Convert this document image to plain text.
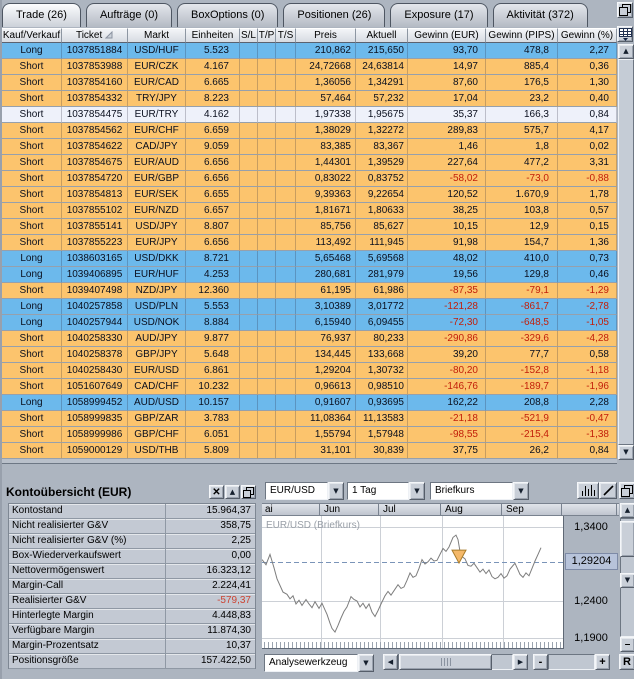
Trade (26)	Aufträge (0)	BoxOptions (0)	Positionen (26)	Exposure (17)	Aktivität (372)
Kauf/Verkauf	Ticket	Markt	Einheiten S/L T/P T/S	Preis	Aktuell	Gewinn (EUR) Gewinn (PIPS) Gewinn (%)
Long	1037851884	USD/HUF	5.523	210,862	215,650	93,70	478,8	2,27
Short	1037853988	EUR/CZK	4.167	24,72668	24,63814	14,97	885,4	0,36
Short	1037854160	EUR/CAD	6.665	1,36056	1,34291	87,60	176,5	1,30
Short	1037854332	TRY/JPY	8.223	57,464	57,232	17,04	23,2	0,40
Short	1037854475	EUR/TRY	4.162	1,97338	1,95675	35,37	166,3	0,84
Short	1037854562	EUR/CHF	6.659	1,38029	1,32272	289,83	575,7	4,17
Short	1037854622	CAD/JPY	9.059	83,385	83,367	1,46	1,8	0,02
Short	1037854675	EUR/AUD	6.656	1,44301	1,39529	227,64	477,2	3,31
Short	1037854720	EUR/GBP	6.656	0,83022	0,83752	-58,02	-73,0	-0,88
Short	1037854813	EUR/SEK	6.655	9,39363	9,22654	120,52	1.670,9	1,78
Short	1037855102	EUR/NZD	6.657	1,81671	1,80633	38,25	103,8	0,57
Short	1037855141	USD/JPY	8.807	85,756	85,627	10,15	12,9	0,15
Short	1037855223	EUR/JPY	6.656	113,492	111,945	91,98	154,7	1,36
Long	1038603165	USD/DKK	8.721	5,65468	5,69568	48,02	410,0	0,73
Long	1039406895	EUR/HUF	4.253	280,681	281,979	19,56	129,8	0,46
Short	1039407498	NZD/JPY	12.360	61,195	61,986	-87,35	-79,1	-1,29
Long	1040257858	USD/PLN	5.553	3,10389	3,01772	-121,28	-861,7	-2,78
Long	1040257944	USD/NOK	8.884	6,15940	6,09455	-72,30	-648,5	-1,05
Short	1040258330	AUD/JPY	9.877	76,937	80,233	-290,86	-329,6	-4,28
Short	1040258378	GBP/JPY	5.648	134,445	133,668	39,20	77,7	0,58
Short	1040258430	EUR/USD	6.861	1,29204	1,30732	-80,20	-152,8	-1,18
Short	1051607649	CAD/CHF	10.232	0,96613	0,98510	-146,76	-189,7	-1,96
Long	1058999452	AUD/USD	10.157	0,91607	0,93695	162,22	208,8	2,28
Short	1058999835	GBP/ZAR	3.783	11,08364	11,13583	-21,18	-521,9	-0,47
Short	1058999986	GBP/CHF	6.051	1,55794	1,57948	-98,55	-215,4	-1,38
Short	1059000129	USD/THB	5.809	31,101	30,839	37,75	26,2	0,84
▲
▼
Kontoübersicht (EUR)	✕ ▲
Kontostand	15.964,37
Nicht realisierter G&V	358,75
Nicht realisierter G&V (%)	2,25
Box-Wiederverkaufswert	0,00
Nettovermögenswert	16.323,12
Margin-Call	2.224,41
Realisierter G&V	-579,37
Hinterlegte Margin	4.448,83
Verfügbare Margin	11.874,30
Margin-Prozentsatz	10,37
Positionsgröße	157.422,50
EUR/USD	▼	1 Tag	▼	Briefkurs	▼
ai	Jun	Jul	Aug	Sep
EUR/USD (Briefkurs)	1,3400
1,2400
1,1900
1,29204
▲
▼
–
Analysewerkzeug	▼	◀	▶	-	+	R
